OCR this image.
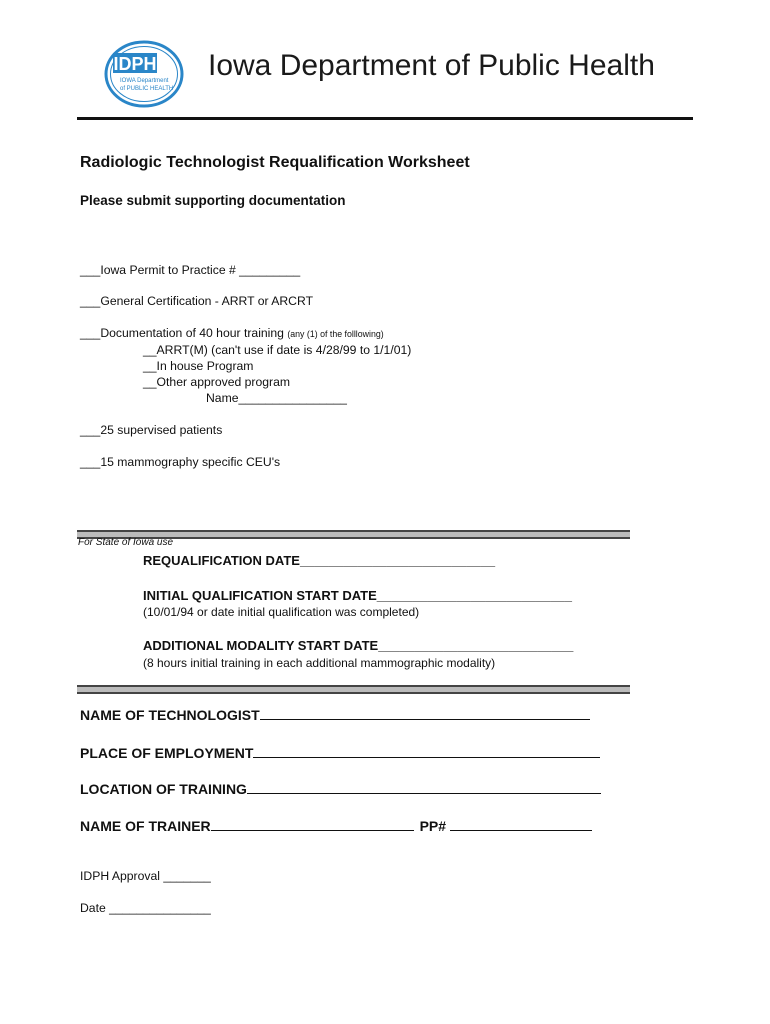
IDPH
IOWA Department
of PUBLIC HEALTH
Iowa Department of Public Health
Radiologic Technologist Requalification Worksheet
Please submit supporting documentation
___Iowa Permit to Practice # _________
___General Certification - ARRT or ARCRT
___Documentation of 40 hour training (any (1) of the folllowing)
__ARRT(M) (can't use if date is 4/28/99 to 1/1/01)
__In house Program
__Other approved program
Name________________
___25 supervised patients
___15 mammography specific CEU's
For State of Iowa use
REQUALIFICATION DATE___________________________
INITIAL QUALIFICATION START DATE___________________________
(10/01/94 or date initial qualification was completed)
ADDITIONAL MODALITY START DATE___________________________
(8 hours initial training in each additional mammographic modality)
NAME OF TECHNOLOGIST
PLACE OF EMPLOYMENT
LOCATION OF TRAINING
NAME OF TRAINER	PP#
IDPH Approval _______
Date _______________
